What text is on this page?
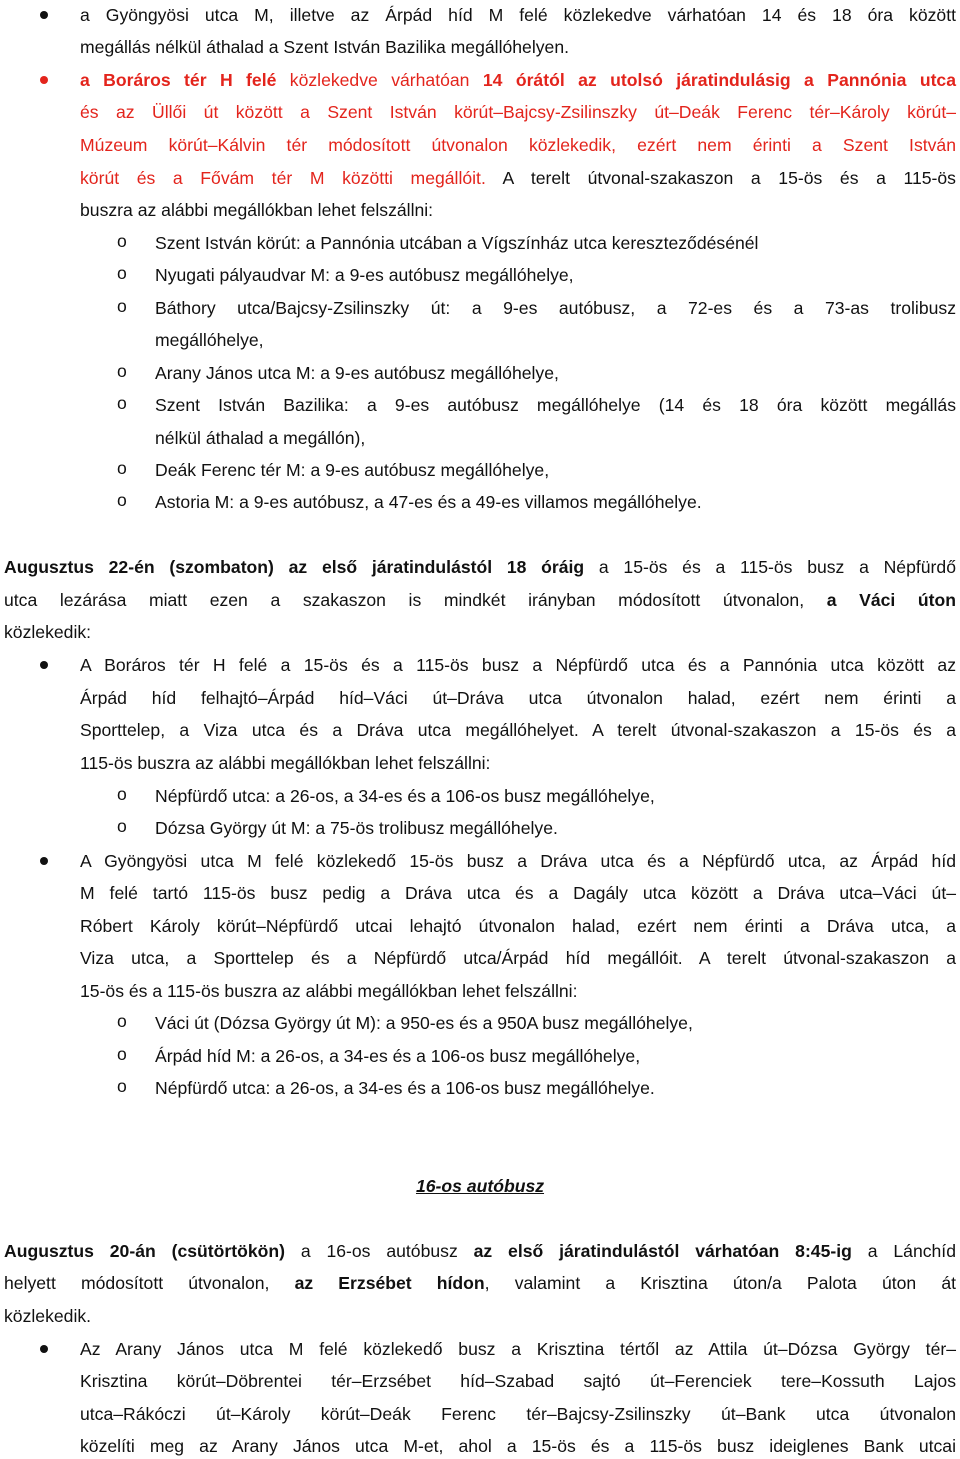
a Gyöngyösi utca M, illetve az Árpád híd M felé közlekedve várhatóan 14 és 18 óra között
megállás nélkül áthalad a Szent István Bazilika megállóhelyen.
a Boráros tér H felé közlekedve várhatóan 14 órától az utolsó járatindulásig a Pannónia utca
és az Üllői út között a Szent István körút–Bajcsy-Zsilinszky út–Deák Ferenc tér–Károly körút–
Múzeum körút–Kálvin tér módosított útvonalon közlekedik, ezért nem érinti a Szent István
körút és a Fővám tér M közötti megállóit. A terelt útvonal-szakaszon a 15-ös és a 115-ös
buszra az alábbi megállókban lehet felszállni:
o Szent István körút: a Pannónia utcában a Vígszínház utca kereszteződésénél
o Nyugati pályaudvar M: a 9-es autóbusz megállóhelye,
o Báthory utca/Bajcsy-Zsilinszky út: a 9-es autóbusz, a 72-es és a 73-as trolibusz
megállóhelye,
o Arany János utca M: a 9-es autóbusz megállóhelye,
o Szent István Bazilika: a 9-es autóbusz megállóhelye (14 és 18 óra között megállás
nélkül áthalad a megállón),
o Deák Ferenc tér M: a 9-es autóbusz megállóhelye,
o Astoria M: a 9-es autóbusz, a 47-es és a 49-es villamos megállóhelye.
Augusztus 22-én (szombaton) az első járatindulástól 18 óráig a 15-ös és a 115-ös busz a Népfürdő
utca lezárása miatt ezen a szakaszon is mindkét irányban módosított útvonalon, a Váci úton
közlekedik:
A Boráros tér H felé a 15-ös és a 115-ös busz a Népfürdő utca és a Pannónia utca között az
Árpád híd felhajtó–Árpád híd–Váci út–Dráva utca útvonalon halad, ezért nem érinti a
Sporttelep, a Viza utca és a Dráva utca megállóhelyet. A terelt útvonal-szakaszon a 15-ös és a
115-ös buszra az alábbi megállókban lehet felszállni:
o Népfürdő utca: a 26-os, a 34-es és a 106-os busz megállóhelye,
o Dózsa György út M: a 75-ös trolibusz megállóhelye.
A Gyöngyösi utca M felé közlekedő 15-ös busz a Dráva utca és a Népfürdő utca, az Árpád híd
M felé tartó 115-ös busz pedig a Dráva utca és a Dagály utca között a Dráva utca–Váci út–
Róbert Károly körút–Népfürdő utcai lehajtó útvonalon halad, ezért nem érinti a Dráva utca, a
Viza utca, a Sporttelep és a Népfürdő utca/Árpád híd megállóit. A terelt útvonal-szakaszon a
15-ös és a 115-ös buszra az alábbi megállókban lehet felszállni:
o Váci út (Dózsa György út M): a 950-es és a 950A busz megállóhelye,
o Árpád híd M: a 26-os, a 34-es és a 106-os busz megállóhelye,
o Népfürdő utca: a 26-os, a 34-es és a 106-os busz megállóhelye.
16-os autóbusz
Augusztus 20-án (csütörtökön) a 16-os autóbusz az első járatindulástól várhatóan 8:45-ig a Lánchíd
helyett módosított útvonalon, az Erzsébet hídon, valamint a Krisztina úton/a Palota úton át
közlekedik.
Az Arany János utca M felé közlekedő busz a Krisztina tértől az Attila út–Dózsa György tér–
Krisztina körút–Döbrentei tér–Erzsébet híd–Szabad sajtó út–Ferenciek tere–Kossuth Lajos
utca–Rákóczi út–Károly körút–Deák Ferenc tér–Bajcsy-Zsilinszky út–Bank utca útvonalon
közelíti meg az Arany János utca M-et, ahol a 15-ös és a 115-ös busz ideiglenes Bank utcai
